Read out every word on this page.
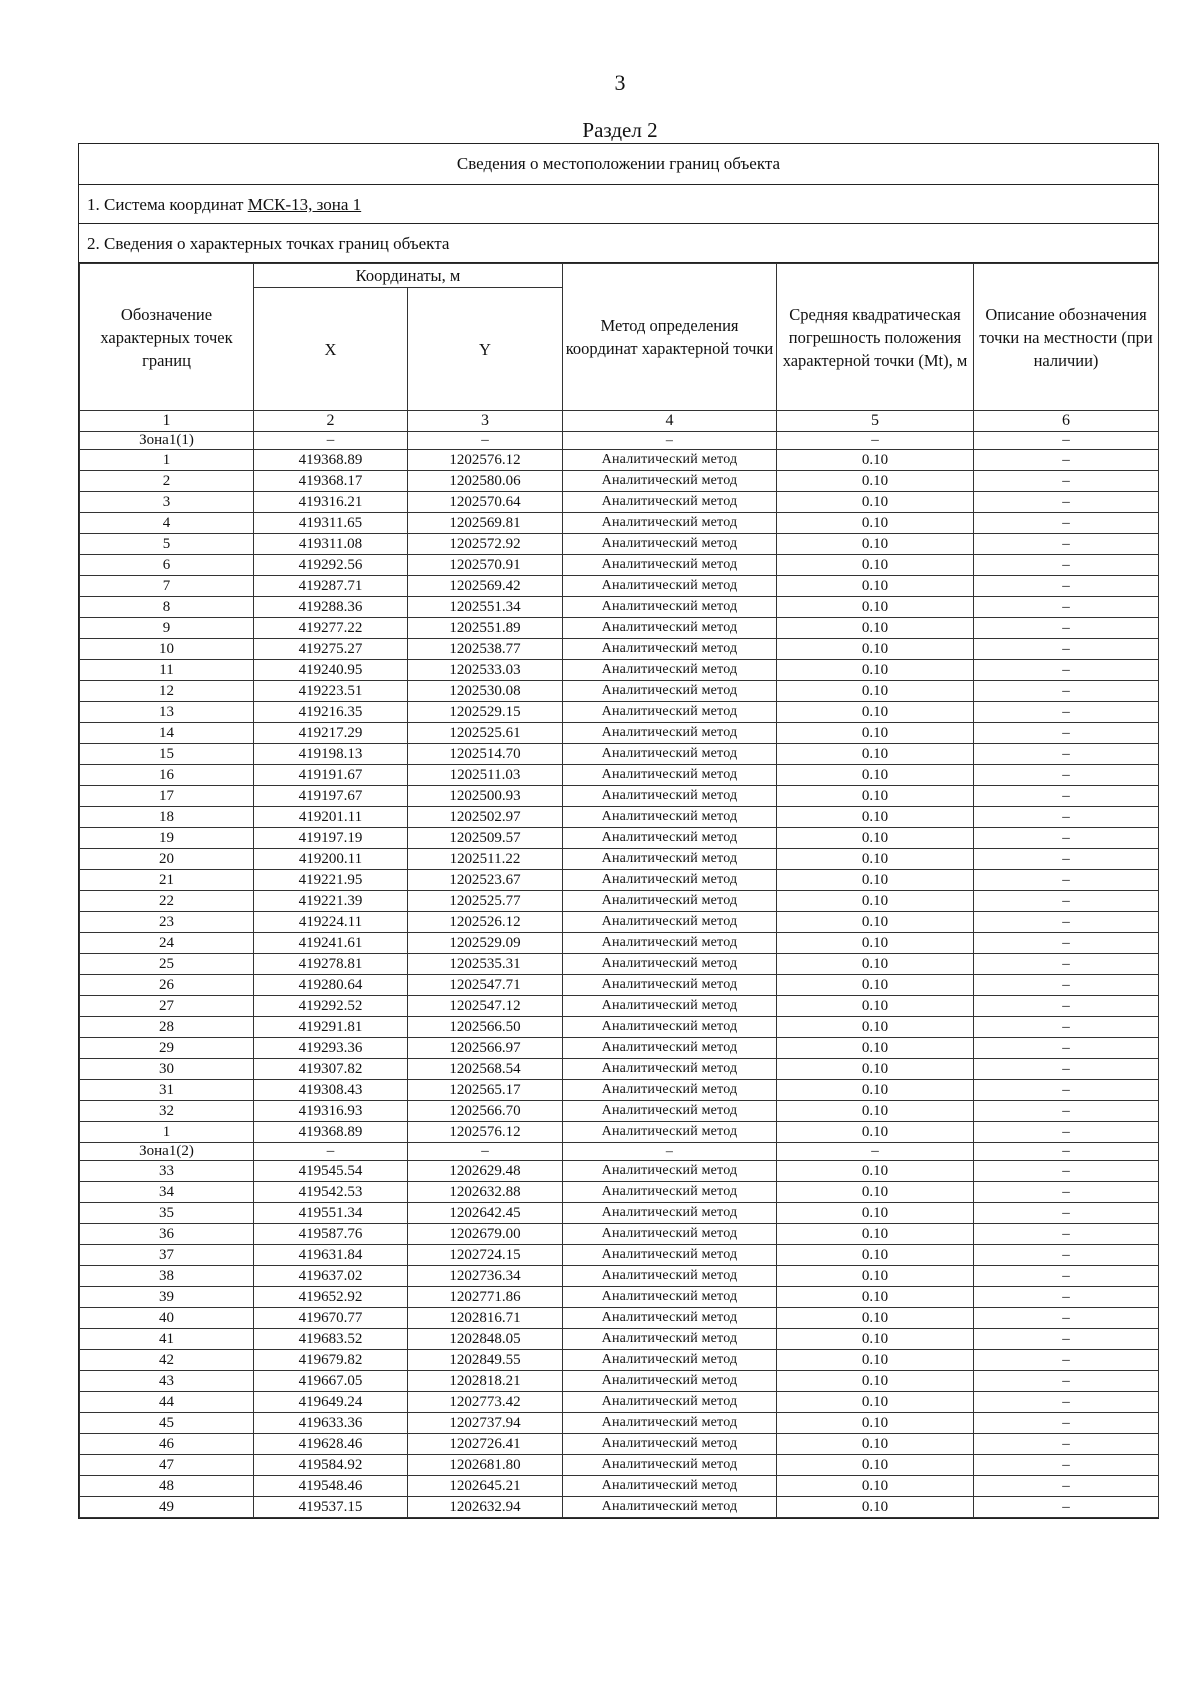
3
Раздел 2
Сведения о местоположении границ объекта
1. Система координат МСК-13, зона 1
2. Сведения о характерных точках границ объекта
Обозначение характерных точек границ	Координаты, м		Метод определения координат характерной точки	Средняя квадратическая погрешность положения характерной точки (Mt), м	Описание обозначения точки на местности (при наличии)
	X	Y			
1	2	3	4	5	6
Зона1(1)	–	–	–	–	–
1	419368.89	1202576.12	Аналитический метод	0.10	–
2	419368.17	1202580.06	Аналитический метод	0.10	–
3	419316.21	1202570.64	Аналитический метод	0.10	–
4	419311.65	1202569.81	Аналитический метод	0.10	–
5	419311.08	1202572.92	Аналитический метод	0.10	–
6	419292.56	1202570.91	Аналитический метод	0.10	–
7	419287.71	1202569.42	Аналитический метод	0.10	–
8	419288.36	1202551.34	Аналитический метод	0.10	–
9	419277.22	1202551.89	Аналитический метод	0.10	–
10	419275.27	1202538.77	Аналитический метод	0.10	–
11	419240.95	1202533.03	Аналитический метод	0.10	–
12	419223.51	1202530.08	Аналитический метод	0.10	–
13	419216.35	1202529.15	Аналитический метод	0.10	–
14	419217.29	1202525.61	Аналитический метод	0.10	–
15	419198.13	1202514.70	Аналитический метод	0.10	–
16	419191.67	1202511.03	Аналитический метод	0.10	–
17	419197.67	1202500.93	Аналитический метод	0.10	–
18	419201.11	1202502.97	Аналитический метод	0.10	–
19	419197.19	1202509.57	Аналитический метод	0.10	–
20	419200.11	1202511.22	Аналитический метод	0.10	–
21	419221.95	1202523.67	Аналитический метод	0.10	–
22	419221.39	1202525.77	Аналитический метод	0.10	–
23	419224.11	1202526.12	Аналитический метод	0.10	–
24	419241.61	1202529.09	Аналитический метод	0.10	–
25	419278.81	1202535.31	Аналитический метод	0.10	–
26	419280.64	1202547.71	Аналитический метод	0.10	–
27	419292.52	1202547.12	Аналитический метод	0.10	–
28	419291.81	1202566.50	Аналитический метод	0.10	–
29	419293.36	1202566.97	Аналитический метод	0.10	–
30	419307.82	1202568.54	Аналитический метод	0.10	–
31	419308.43	1202565.17	Аналитический метод	0.10	–
32	419316.93	1202566.70	Аналитический метод	0.10	–
1	419368.89	1202576.12	Аналитический метод	0.10	–
Зона1(2)	–	–	–	–	–
33	419545.54	1202629.48	Аналитический метод	0.10	–
34	419542.53	1202632.88	Аналитический метод	0.10	–
35	419551.34	1202642.45	Аналитический метод	0.10	–
36	419587.76	1202679.00	Аналитический метод	0.10	–
37	419631.84	1202724.15	Аналитический метод	0.10	–
38	419637.02	1202736.34	Аналитический метод	0.10	–
39	419652.92	1202771.86	Аналитический метод	0.10	–
40	419670.77	1202816.71	Аналитический метод	0.10	–
41	419683.52	1202848.05	Аналитический метод	0.10	–
42	419679.82	1202849.55	Аналитический метод	0.10	–
43	419667.05	1202818.21	Аналитический метод	0.10	–
44	419649.24	1202773.42	Аналитический метод	0.10	–
45	419633.36	1202737.94	Аналитический метод	0.10	–
46	419628.46	1202726.41	Аналитический метод	0.10	–
47	419584.92	1202681.80	Аналитический метод	0.10	–
48	419548.46	1202645.21	Аналитический метод	0.10	–
49	419537.15	1202632.94	Аналитический метод	0.10	–
